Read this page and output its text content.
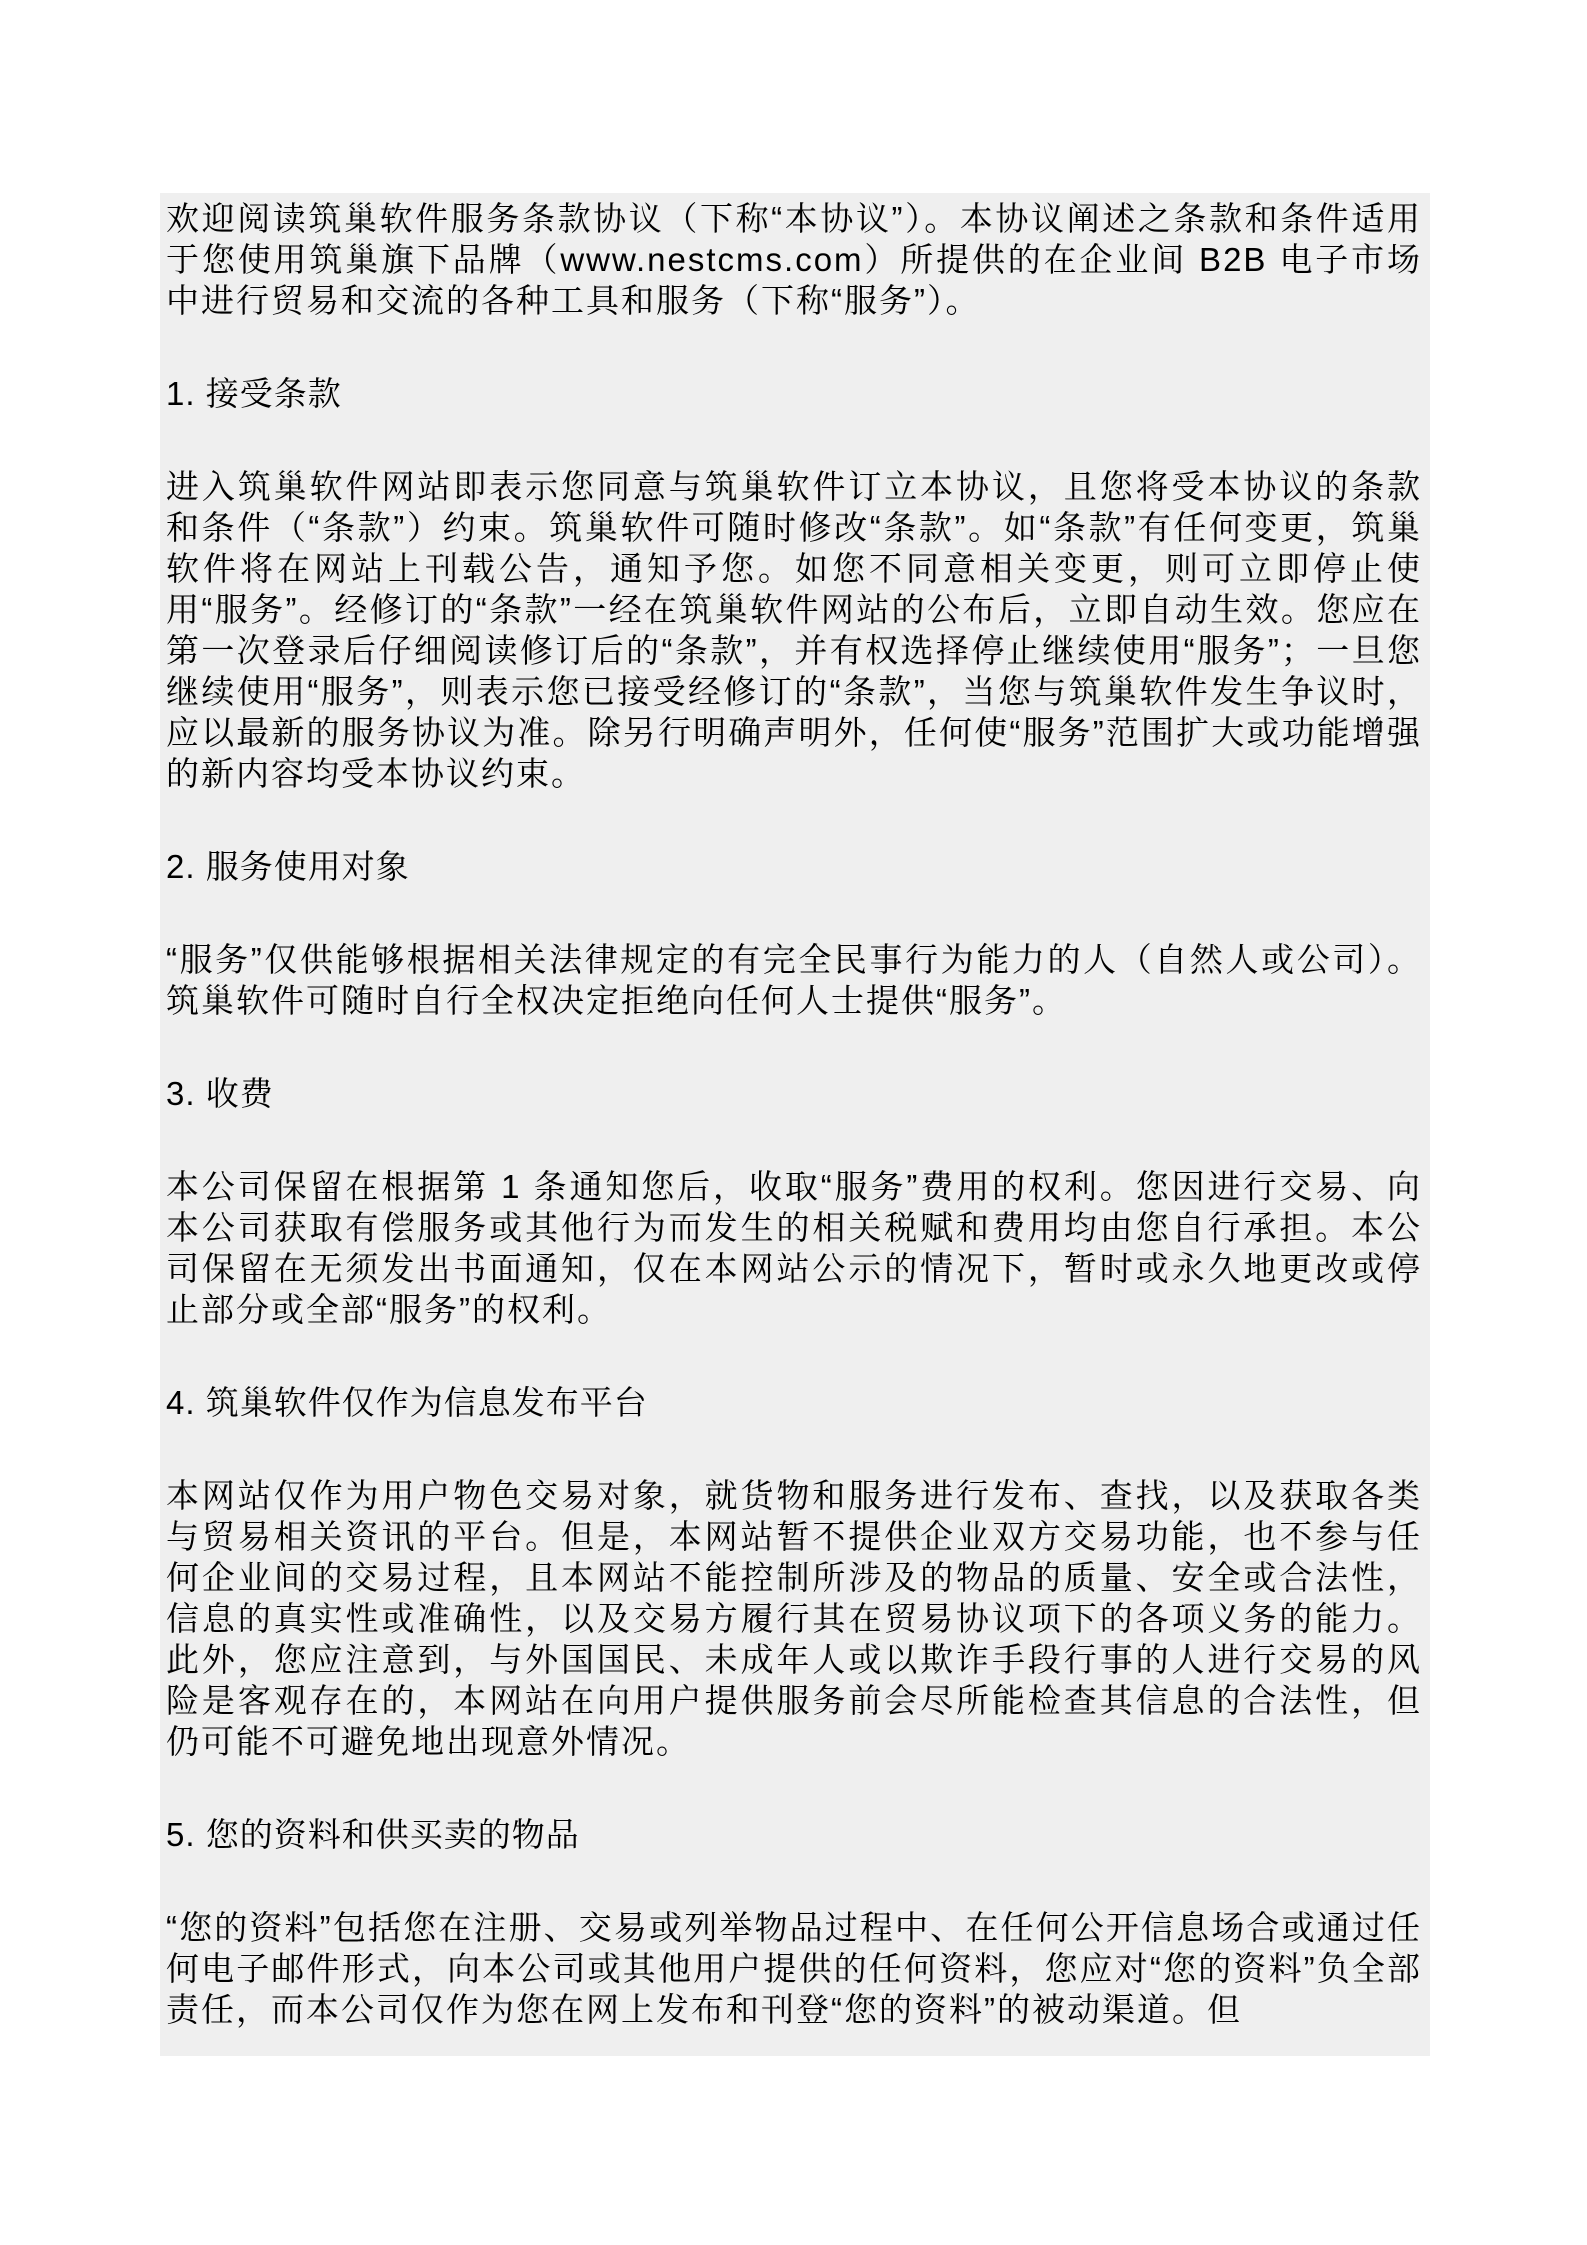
欢迎阅读筑巢软件服务条款协议（下称“本协议”）。本协议阐述之条款和条件适用于您使用筑巢旗下品牌（www.nestcms.com）所提供的在企业间 B2B 电子市场中进行贸易和交流的各种工具和服务（下称“服务”）。

1. 接受条款

进入筑巢软件网站即表示您同意与筑巢软件订立本协议，且您将受本协议的条款和条件（“条款”）约束。筑巢软件可随时修改“条款”。如“条款”有任何变更，筑巢软件将在网站上刊载公告，通知予您。如您不同意相关变更，则可立即停止使用“服务”。经修订的“条款”一经在筑巢软件网站的公布后，立即自动生效。您应在第一次登录后仔细阅读修订后的“条款”，并有权选择停止继续使用“服务”；一旦您继续使用“服务”，则表示您已接受经修订的“条款”，当您与筑巢软件发生争议时，应以最新的服务协议为准。除另行明确声明外，任何使“服务”范围扩大或功能增强的新内容均受本协议约束。

2. 服务使用对象

“服务”仅供能够根据相关法律规定的有完全民事行为能力的人（自然人或公司）。筑巢软件可随时自行全权决定拒绝向任何人士提供“服务”。

3. 收费

本公司保留在根据第 1 条通知您后，收取“服务”费用的权利。您因进行交易、向本公司获取有偿服务或其他行为而发生的相关税赋和费用均由您自行承担。本公司保留在无须发出书面通知，仅在本网站公示的情况下，暂时或永久地更改或停止部分或全部“服务”的权利。

4. 筑巢软件仅作为信息发布平台

本网站仅作为用户物色交易对象，就货物和服务进行发布、查找，以及获取各类与贸易相关资讯的平台。但是，本网站暂不提供企业双方交易功能，也不参与任何企业间的交易过程，且本网站不能控制所涉及的物品的质量、安全或合法性，信息的真实性或准确性，以及交易方履行其在贸易协议项下的各项义务的能力。此外，您应注意到，与外国国民、未成年人或以欺诈手段行事的人进行交易的风险是客观存在的，本网站在向用户提供服务前会尽所能检查其信息的合法性，但仍可能不可避免地出现意外情况。

5. 您的资料和供买卖的物品

“您的资料”包括您在注册、交易或列举物品过程中、在任何公开信息场合或通过任何电子邮件形式，向本公司或其他用户提供的任何资料，您应对“您的资料”负全部责任，而本公司仅作为您在网上发布和刊登“您的资料”的被动渠道。但
